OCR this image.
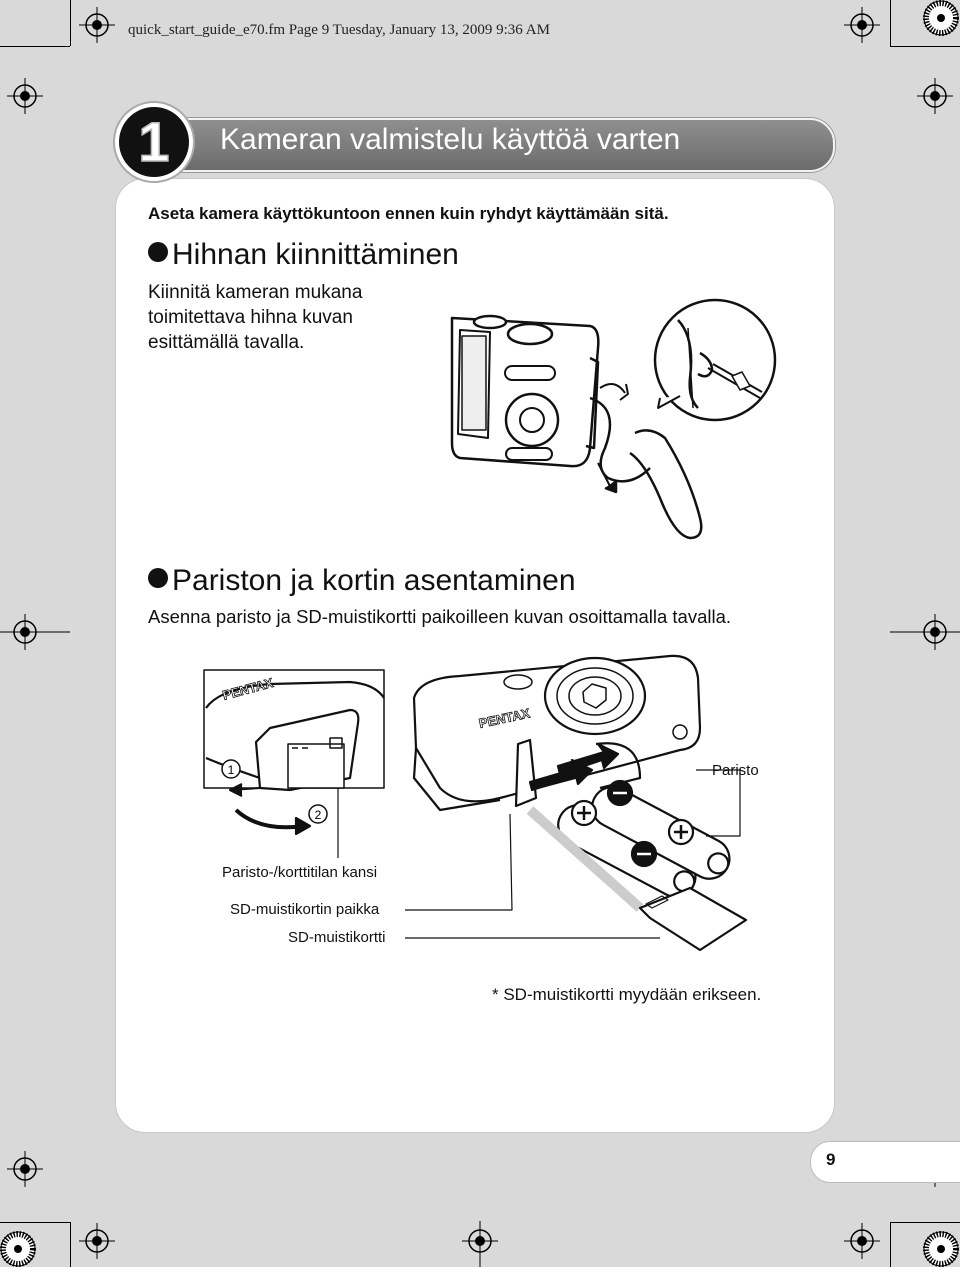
quick_start_guide_e70.fm Page 9 Tuesday, January 13, 2009 9:36 AM
Kameran valmistelu käyttöä varten
1
Aseta kamera käyttökuntoon ennen kuin ryhdyt käyttämään sitä.
Hihnan kiinnittäminen
Kiinnitä kameran mukana
toimitettava hihna kuvan
esittämällä tavalla.
Pariston ja kortin asentaminen
Asenna paristo ja SD-muistikortti paikoilleen kuvan osoittamalla tavalla.
PENTAX
PENTAX
1
2
Paristo
Paristo-/korttitilan kansi
SD-muistikortin paikka
SD-muistikortti
* SD-muistikortti myydään erikseen.
9
